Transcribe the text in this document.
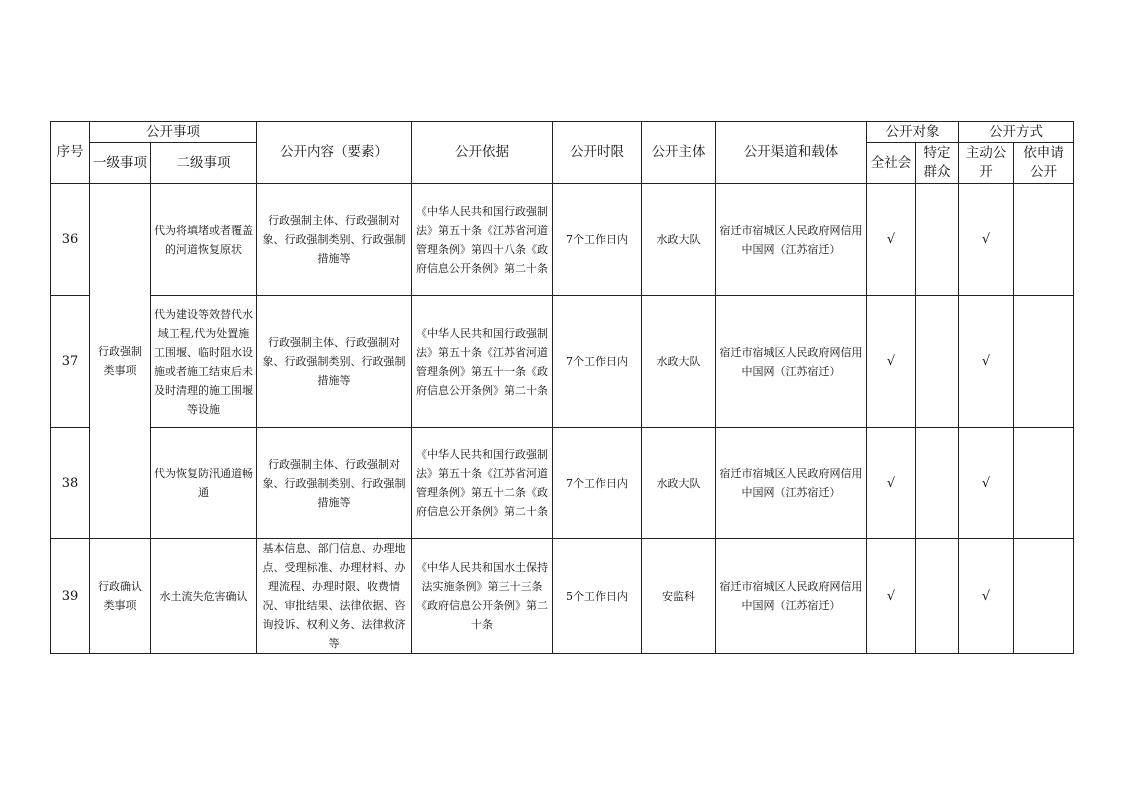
序号	公开事项		公开内容（要素）	公开依据	公开时限	公开主体	公开渠道和载体	公开对象		公开方式	
	一级事项	二级事项						全社会	特定群众	主动公开	依申请公开
36	行政强制类事项	代为将填堵或者覆盖的河道恢复原状	行政强制主体、行政强制对象、行政强制类别、行政强制措施等	《中华人民共和国行政强制法》第五十条《江苏省河道管理条例》第四十八条《政府信息公开条例》第二十条	7个工作日内	水政大队	宿迁市宿城区人民政府网信用中国网（江苏宿迁）	√		√	
37		代为建设等效替代水域工程,代为处置施工围堰、临时阻水设施或者施工结束后未及时清理的施工围堰等设施	行政强制主体、行政强制对象、行政强制类别、行政强制措施等	《中华人民共和国行政强制法》第五十条《江苏省河道管理条例》第五十一条《政府信息公开条例》第二十条	7个工作日内	水政大队	宿迁市宿城区人民政府网信用中国网（江苏宿迁）	√		√	
38		代为恢复防汛通道畅通	行政强制主体、行政强制对象、行政强制类别、行政强制措施等	《中华人民共和国行政强制法》第五十条《江苏省河道管理条例》第五十二条《政府信息公开条例》第二十条	7个工作日内	水政大队	宿迁市宿城区人民政府网信用中国网（江苏宿迁）	√		√	
39	行政确认类事项	水土流失危害确认	基本信息、部门信息、办理地点、受理标准、办理材料、办理流程、办理时限、收费情况、审批结果、法律依据、咨询投诉、权利义务、法律救济等	《中华人民共和国水土保持法实施条例》第三十三条《政府信息公开条例》第二十条	5个工作日内	安监科	宿迁市宿城区人民政府网信用中国网（江苏宿迁）	√		√	
